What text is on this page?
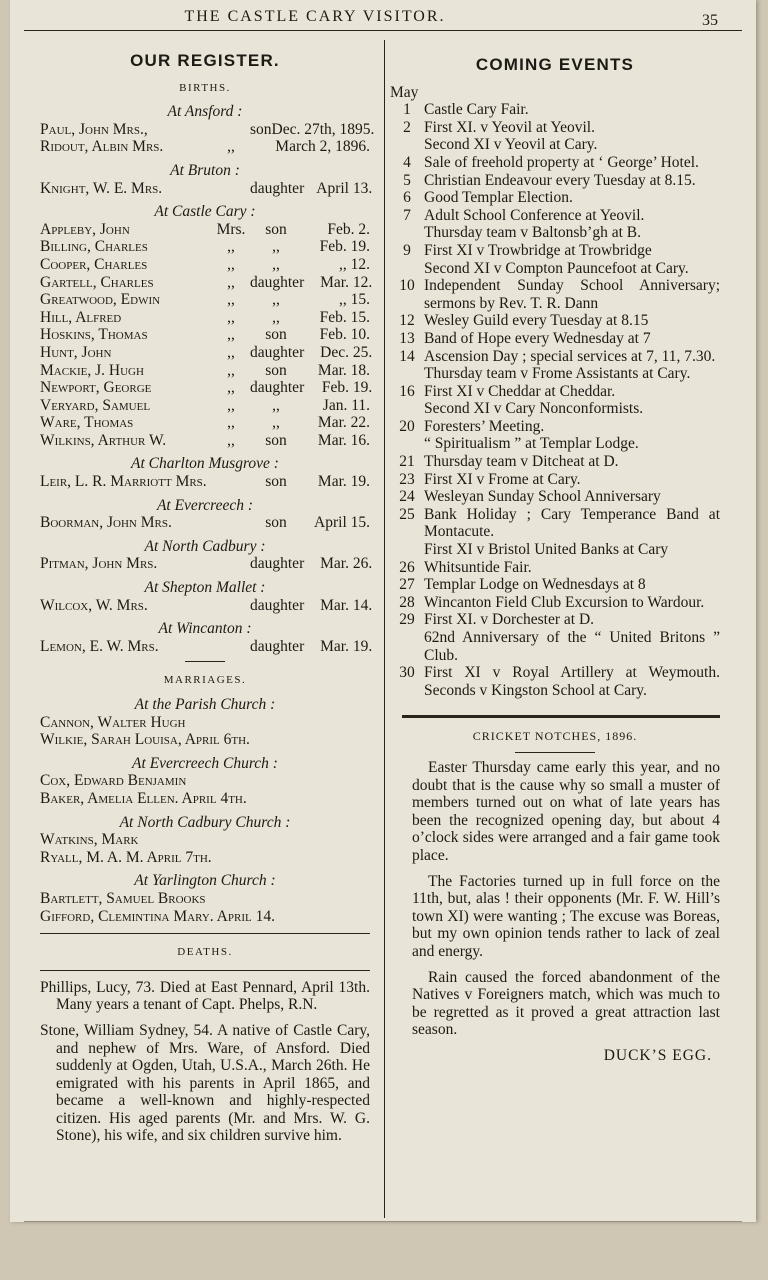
THE CASTLE CARY VISITOR.	35
OUR REGISTER.
BIRTHS.
At Ansford :
Paul, John Mrs.,	son Dec. 27th, 1895.
Ridout, Albin Mrs.	,,	March 2, 1896.
At Bruton :
Knight, W. E. Mrs.	daughter April 13.
At Castle Cary :
Appleby, John	Mrs.	son	Feb. 2.
Billing, Charles	,,	,,	Feb. 19.
Cooper, Charles	,,	,,	,, 12.
Gartell, Charles	,, daughter	Mar. 12.
Greatwood, Edwin	,,	,,	,, 15.
Hill, Alfred	,,	,,	Feb. 15.
Hoskins, Thomas	,,	son	Feb. 10.
Hunt, John	,, daughter	Dec. 25.
Mackie, J. Hugh	,,	son	Mar. 18.
Newport, George	,, daughter	Feb. 19.
Veryard, Samuel	,,	,,	Jan. 11.
Ware, Thomas	,,	,,	Mar. 22.
Wilkins, Arthur W.	,,	son	Mar. 16.
At Charlton Musgrove :
Leir, L. R. Marriott Mrs.	son	Mar. 19.
At Evercreech :
Boorman, John Mrs.	son	April 15.
At North Cadbury :
Pitman, John Mrs.	daughter	Mar. 26.
At Shepton Mallet :
Wilcox, W. Mrs.	daughter	Mar. 14.
At Wincanton :
Lemon, E. W. Mrs.	daughter	Mar. 19.
MARRIAGES.
At the Parish Church :
Cannon, Walter Hugh
Wilkie, Sarah Louisa, April 6th.
At Evercreech Church :
Cox, Edward Benjamin
Baker, Amelia Ellen. April 4th.
At North Cadbury Church :
Watkins, Mark
Ryall, M. A. M. April 7th.
At Yarlington Church :
Bartlett, Samuel Brooks
Gifford, Clemintina Mary. April 14.
DEATHS.
Phillips, Lucy, 73. Died at East Pennard, April 13th. Many years a tenant of Capt. Phelps, R.N.
Stone, William Sydney, 54. A native of Castle Cary, and nephew of Mrs. Ware, of Ansford. Died suddenly at Ogden, Utah, U.S.A., March 26th. He emigrated with his parents in April 1865, and became a well-known and highly-respected citizen. His aged parents (Mr. and Mrs. W. G. Stone), his wife, and six children survive him.
COMING EVENTS
May
1 Castle Cary Fair.
2 First XI. v Yeovil at Yeovil.
Second XI v Yeovil at Cary.
4 Sale of freehold property at ‘ George’ Hotel.
5 Christian Endeavour every Tuesday at 8.15.
6 Good Templar Election.
7 Adult School Conference at Yeovil.
Thursday team v Baltonsb’gh at B.
9 First XI v Trowbridge at Trowbridge
Second XI v Compton Pauncefoot at Cary.
10 Independent Sunday School Anniversary; sermons by Rev. T. R. Dann
12 Wesley Guild every Tuesday at 8.15
13 Band of Hope every Wednesday at 7
14 Ascension Day ; special services at 7, 11, 7.30.
Thursday team v Frome Assistants at Cary.
16 First XI v Cheddar at Cheddar.
Second XI v Cary Nonconformists.
20 Foresters’ Meeting.
“ Spiritualism ” at Templar Lodge.
21 Thursday team v Ditcheat at D.
23 First XI v Frome at Cary.
24 Wesleyan Sunday School Anniversary
25 Bank Holiday ; Cary Temperance Band at Montacute.
First XI v Bristol United Banks at Cary
26 Whitsuntide Fair.
27 Templar Lodge on Wednesdays at 8
28 Wincanton Field Club Excursion to Wardour.
29 First XI. v Dorchester at D.
62nd Anniversary of the “ United Britons ” Club.
30 First XI v Royal Artillery at Weymouth. Seconds v Kingston School at Cary.
CRICKET NOTCHES, 1896.

Easter Thursday came early this year, and no doubt that is the cause why so small a muster of members turned out on what of late years has been the recognized opening day, but about 4 o’clock sides were arranged and a fair game took place.

The Factories turned up in full force on the 11th, but, alas ! their opponents (Mr. F. W. Hill’s town XI) were wanting ; The excuse was Boreas, but my own opinion tends rather to lack of zeal and energy.

Rain caused the forced abandonment of the Natives v Foreigners match, which was much to be regretted as it proved a great attraction last season.

DUCK’S EGG.
